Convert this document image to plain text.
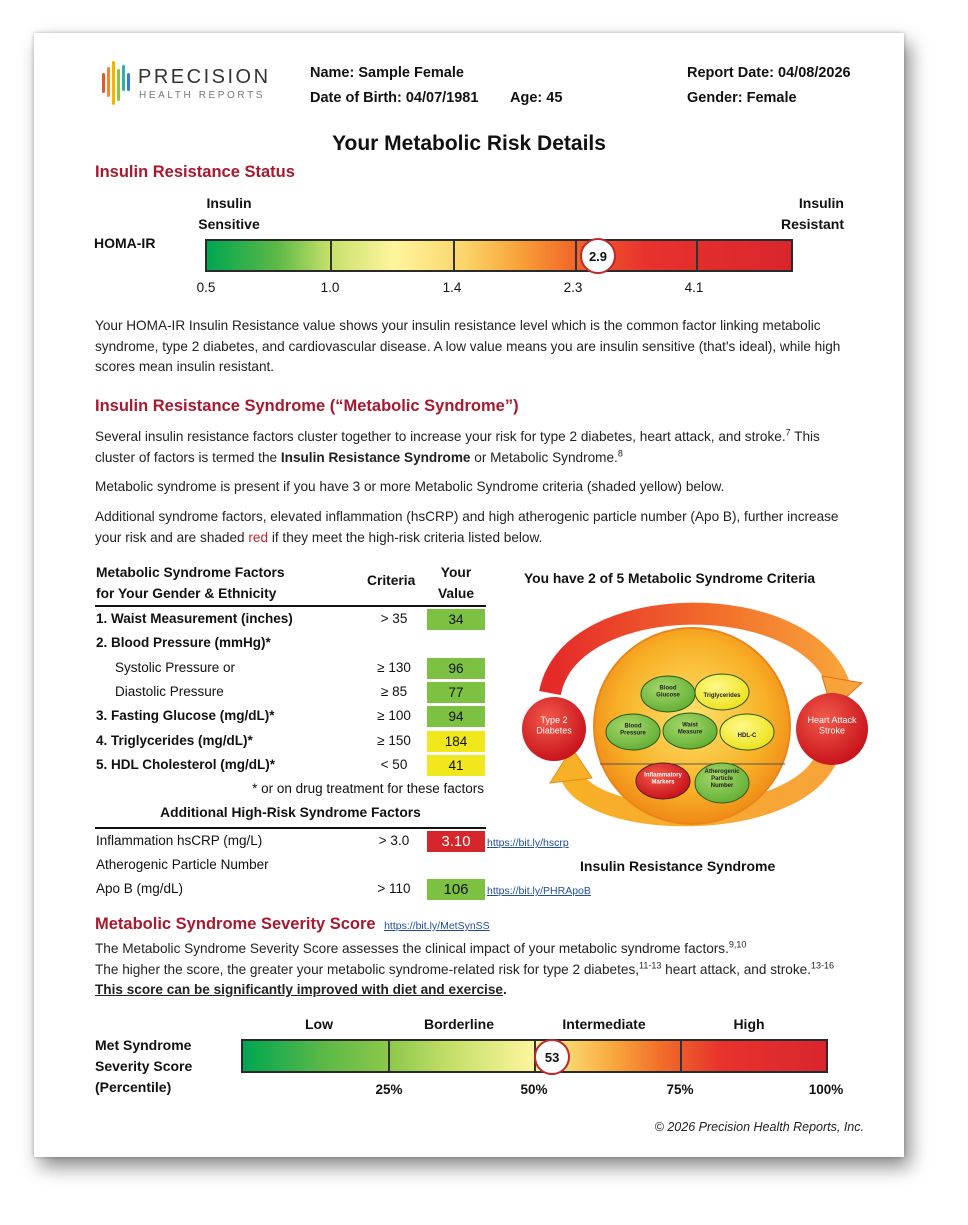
PRECISION
HEALTH REPORTS
Name: Sample Female
Date of Birth: 04/07/1981 Age: 45
Report Date: 04/08/2026
Gender: Female
Your Metabolic Risk Details
Insulin Resistance Status
Insulin
Sensitive
Insulin
Resistant
HOMA-IR
2.9
0.5	1.0	1.4	2.3	4.1
Your HOMA-IR Insulin Resistance value shows your insulin resistance level which is the common factor linking metabolic syndrome, type 2 diabetes, and cardiovascular disease. A low value means you are insulin sensitive (that's ideal), while high scores mean insulin resistant.
Insulin Resistance Syndrome (“Metabolic Syndrome”)
Several insulin resistance factors cluster together to increase your risk for type 2 diabetes, heart attack, and stroke.$^7$ This cluster of factors is termed the Insulin Resistance Syndrome or Metabolic Syndrome.$^8$
Metabolic syndrome is present if you have 3 or more Metabolic Syndrome criteria (shaded yellow) below.
Additional syndrome factors, elevated inflammation (hsCRP) and high atherogenic particle number (Apo B), further increase your risk and are shaded red if they meet the high-risk criteria listed below.
Metabolic Syndrome Factors
for Your Gender & Ethnicity
Criteria
Your
Value
1. Waist Measurement (inches)	> 35	34
2. Blood Pressure (mmHg)*
Systolic Pressure or	≥ 130	96
Diastolic Pressure	≥ 85	77
3. Fasting Glucose (mg/dL)*	≥ 100	94
4. Triglycerides (mg/dL)*	≥ 150	184
5. HDL Cholesterol (mg/dL)*	< 50	41
* or on drug treatment for these factors
Additional High-Risk Syndrome Factors
Inflammation hsCRP (mg/L)	> 3.0	3.10	https://bit.ly/hscrp
Atherogenic Particle Number
Apo B (mg/dL)	> 110	106	https://bit.ly/PHRApoB
You have 2 of 5 Metabolic Syndrome Criteria
Type 2 Diabetes
Heart Attack Stroke
Blood Glucose	Triglycerides
Blood Pressure
Waist Measure
HDL-C
Inflammatory Markers
Atherogenic Particle Number
Insulin Resistance Syndrome
Metabolic Syndrome Severity Score https://bit.ly/MetSynSS
The Metabolic Syndrome Severity Score assesses the clinical impact of your metabolic syndrome factors.$^{9,10}$
The higher the score, the greater your metabolic syndrome-related risk for type 2 diabetes,$^{11-13}$ heart attack, and stroke.$^{13-16}$ This score can be significantly improved with diet and exercise.
Met Syndrome
Severity Score
(Percentile)
Low	Borderline	Intermediate	High
53
25%	50%	75%	100%
© 2026 Precision Health Reports, Inc.
